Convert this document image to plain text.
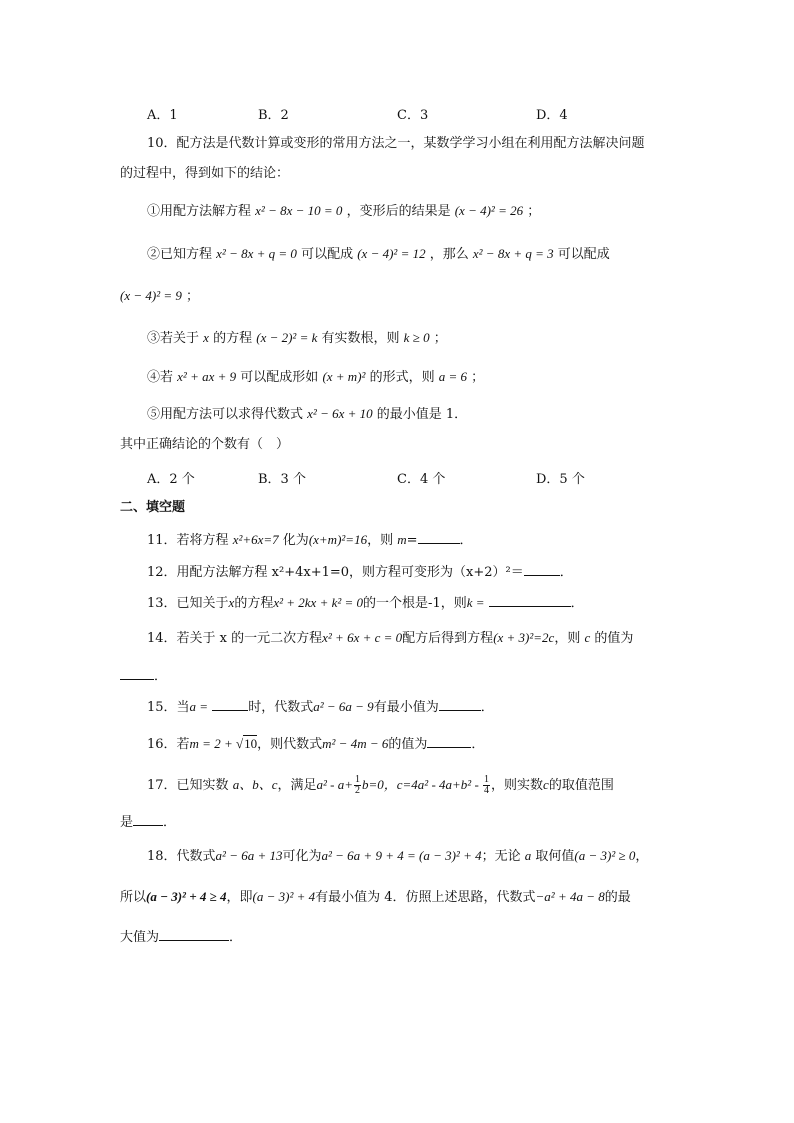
A．1	B．2	C．3	D．4
10．配方法是代数计算或变形的常用方法之一，某数学学习小组在利用配方法解决问题
的过程中，得到如下的结论：
①用配方法解方程 x² − 8x − 10 = 0 ，变形后的结果是 (x − 4)² = 26 ；
②已知方程 x² − 8x + q = 0 可以配成 (x − 4)² = 12 ，那么 x² − 8x + q = 3 可以配成
(x − 4)² = 9 ；
③若关于 x 的方程 (x − 2)² = k 有实数根，则 k ≥ 0 ；
④若 x² + ax + 9 可以配成形如 (x + m)² 的形式，则 a = 6 ；
⑤用配方法可以求得代数式 x² − 6x + 10 的最小值是 1．
其中正确结论的个数有（　）
A．2 个	B．3 个	C．4 个	D．5 个
二、填空题
11．若将方程 x²+6x=7 化为(x+m)²=16，则 m=	．
12．用配方法解方程 x²+4x+1=0，则方程可变形为（x+2）²＝	．
13．已知关于x的方程x² + 2kx + k² = 0的一个根是-1，则k =	．
14．若关于 x 的一元二次方程x² + 6x + c = 0配方后得到方程(x + 3)²=2c，则 c 的值为
．
15．当a =	时，代数式a² − 6a − 9有最小值为	．
16．若m = 2 + √10，则代数式m² − 4m − 6的值为	．
17．已知实数 a、b、c，满足$a^2 - a+ \frac{1}{2} b=0$，$c=4a^2 - 4a+b^2 - \frac{1}{4}$ ，则实数c的取值范围
是 ．
18．代数式a² − 6a + 13可化为a² − 6a + 9 + 4 = (a − 3)² + 4；无论 a 取何值(a − 3)² ≥ 0，
所以(a − 3)² + 4 ≥ 4，即(a − 3)² + 4有最小值为 4．仿照上述思路，代数式−a² + 4a − 8的最
大值为	．
